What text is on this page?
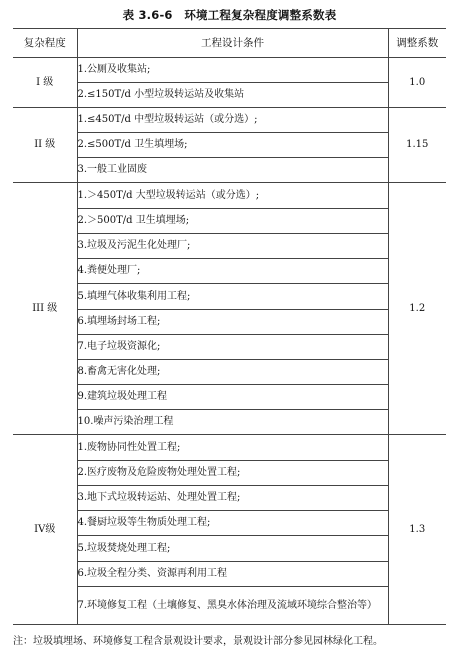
表 3.6-6　环境工程复杂程度调整系数表
复杂程度	工程设计条件	调整系数
I 级	1.公厕及收集站;	1.0
	2.≤150T/d 小型垃圾转运站及收集站	
II 级	1.≤450T/d 中型垃圾转运站（或分选）;	1.15
	2.≤500T/d 卫生填埋场;	
	3.一般工业固废	
III 级	1.＞450T/d 大型垃圾转运站（或分选）;	1.2
	2.＞500T/d 卫生填埋场;	
	3.垃圾及污泥生化处理厂;	
	4.粪便处理厂;	
	5.填埋气体收集利用工程;	
	6.填埋场封场工程;	
	7.电子垃圾资源化;	
	8.畜禽无害化处理;	
	9.建筑垃圾处理工程	
	10.噪声污染治理工程	
IV级	1.废物协同性处置工程;	1.3
	2.医疗废物及危险废物处理处置工程;	
	3.地下式垃圾转运站、处理处置工程;	
	4.餐厨垃圾等生物质处理工程;	
	5.垃圾焚烧处理工程;	
	6.垃圾全程分类、资源再利用工程	
	7.环境修复工程（土壤修复、黑臭水体治理及流域环境综合整治等）	
注：垃圾填埋场、环境修复工程含景观设计要求，景观设计部分参见园林绿化工程。
